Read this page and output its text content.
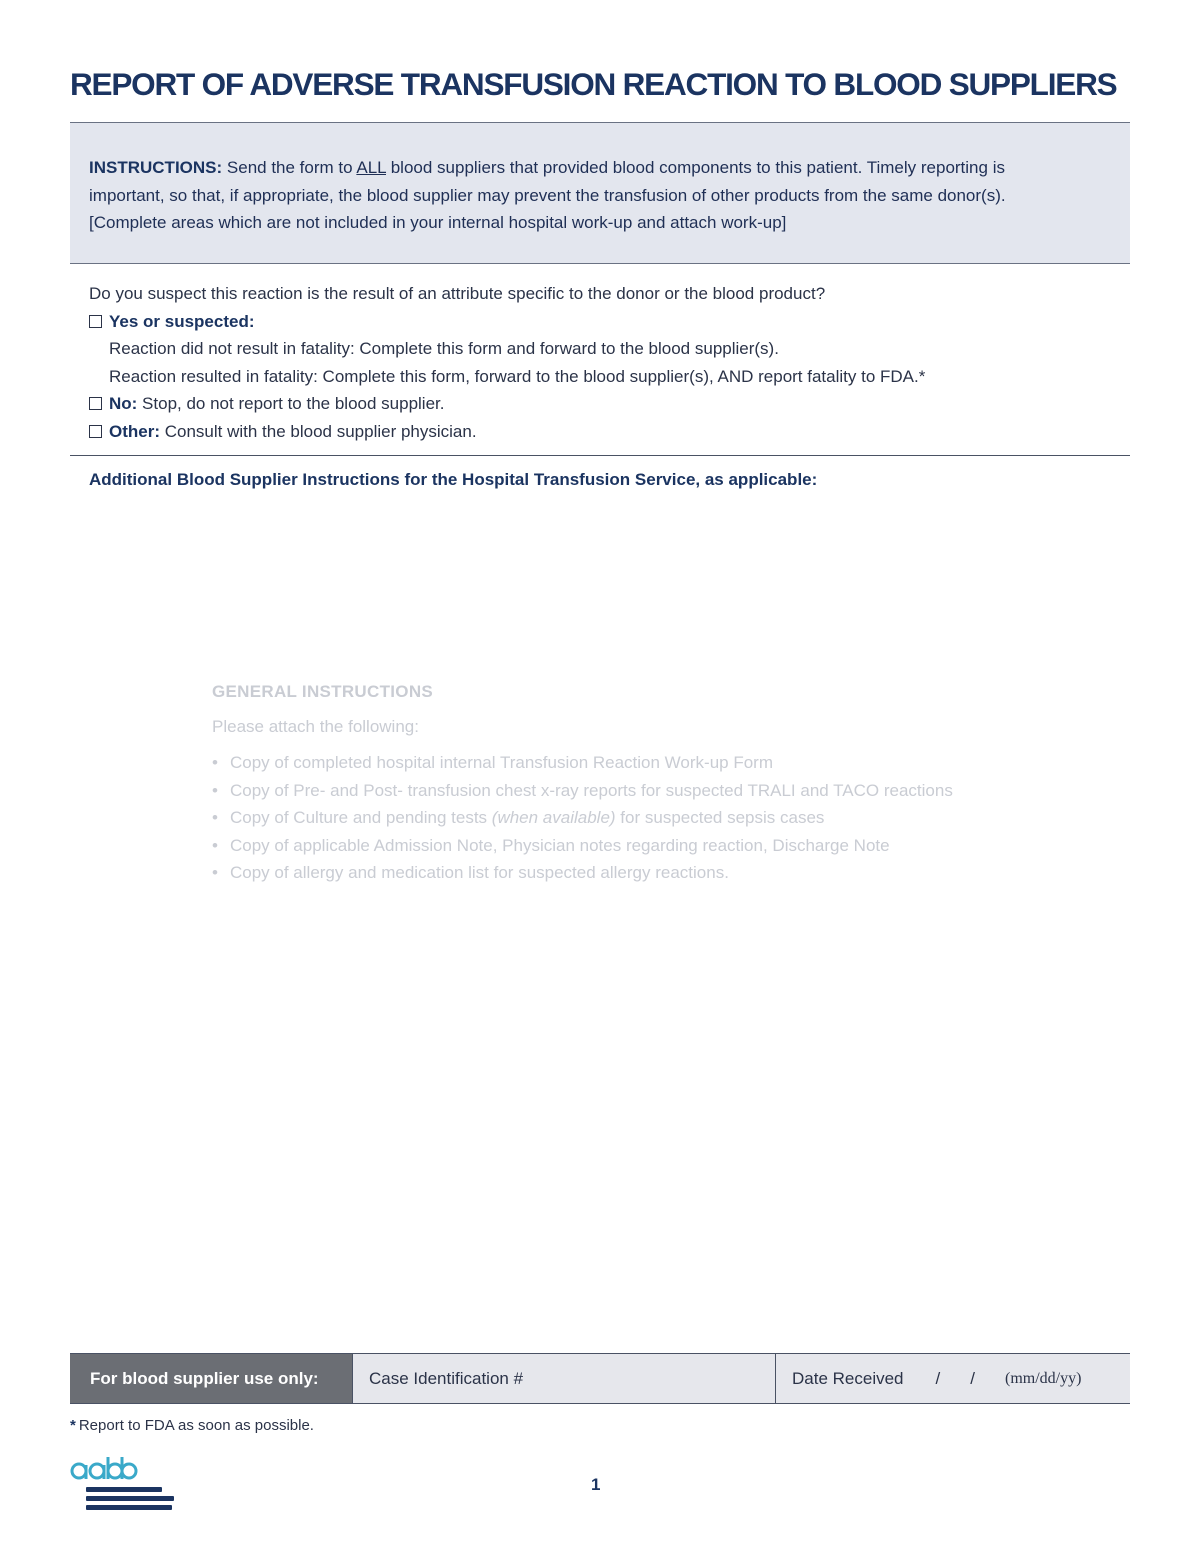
REPORT OF ADVERSE TRANSFUSION REACTION TO BLOOD SUPPLIERS
INSTRUCTIONS: Send the form to ALL blood suppliers that provided blood components to this patient. Timely reporting is
important, so that, if appropriate, the blood supplier may prevent the transfusion of other products from the same donor(s).
[Complete areas which are not included in your internal hospital work-up and attach work-up]
Do you suspect this reaction is the result of an attribute specific to the donor or the blood product?
Yes or suspected:
Reaction did not result in fatality: Complete this form and forward to the blood supplier(s).
Reaction resulted in fatality: Complete this form, forward to the blood supplier(s), AND report fatality to FDA.*
No: Stop, do not report to the blood supplier.
Other: Consult with the blood supplier physician.
Additional Blood Supplier Instructions for the Hospital Transfusion Service, as applicable:
GENERAL INSTRUCTIONS
Please attach the following:
• Copy of completed hospital internal Transfusion Reaction Work-up Form
• Copy of Pre- and Post- transfusion chest x-ray reports for suspected TRALI and TACO reactions
• Copy of Culture and pending tests (when available) for suspected sepsis cases
• Copy of applicable Admission Note, Physician notes regarding reaction, Discharge Note
• Copy of allergy and medication list for suspected allergy reactions.
For blood supplier use only:	Case Identification #	Date Received / / (mm/dd/yy)
* Report to FDA as soon as possible.
1
